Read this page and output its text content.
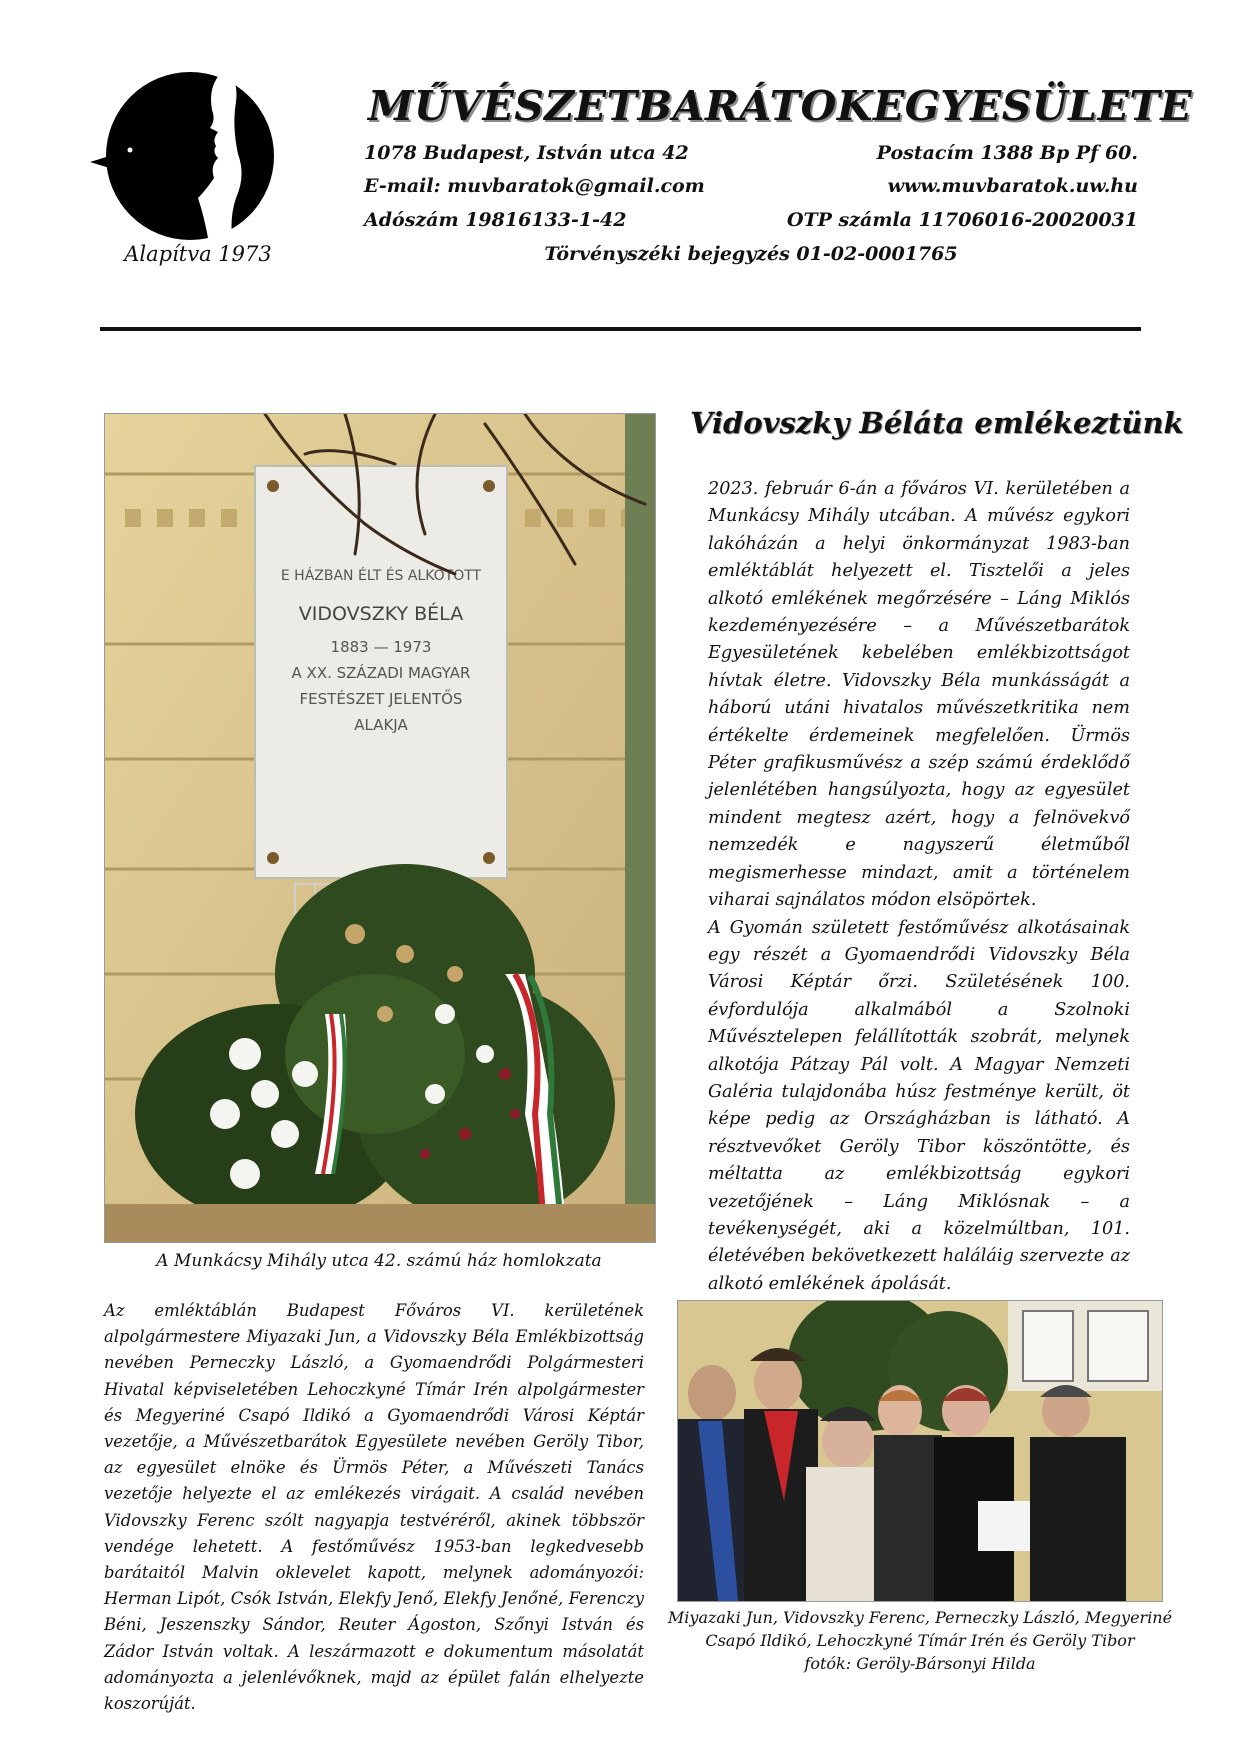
Alapítva 1973
MŰVÉSZETBARÁTOK EGYESÜLETE
1078 Budapest, István utca 42	Postacím 1388 Bp Pf 60.
E-mail: muvbaratok@gmail.com	www.muvbaratok.uw.hu
Adószám 19816133-1-42	OTP számla 11706016-20020031
Törvényszéki bejegyzés 01-02-0001765
E HÁZBAN ÉLT ÉS ALKOTOTT
VIDOVSZKY BÉLA
1883 — 1973
A XX. SZÁZADI MAGYAR
FESTÉSZET JELENTŐS
ALAKJA
A Munkácsy Mihály utca 42. számú ház homlokzata
Vidovszky Béláta emlékeztünk

2023. február 6-án a főváros VI. kerületében a Munkácsy Mihály utcában. A művész egykori lakóházán a helyi önkormányzat 1983-ban emléktáblát helyezett el. Tisztelői a jeles alkotó emlékének megőrzésére – Láng Miklós kezdeményezésére – a Művészetbarátok Egyesületének kebelében emlékbizottságot hívtak életre. Vidovszky Béla munkásságát a háború utáni hivatalos művészetkritika nem értékelte érdemeinek megfelelően. Ürmös Péter grafikusművész a szép számú érdeklődő jelenlétében hangsúlyozta, hogy az egyesület mindent megtesz azért, hogy a felnövekvő nemzedék e nagyszerű életműből megismerhesse mindazt, amit a történelem viharai sajnálatos módon elsöpörtek.

A Gyomán született festőművész alkotásainak egy részét a Gyomaendrődi Vidovszky Béla Városi Képtár őrzi. Születésének 100. évfordulója alkalmából a Szolnoki Művésztelepen felállították szobrát, melynek alkotója Pátzay Pál volt. A Magyar Nemzeti Galéria tulajdonába húsz festménye került, öt képe pedig az Országházban is látható. A résztvevőket Geröly Tibor köszöntötte, és méltatta az emlékbizottság egykori vezetőjének – Láng Miklósnak – a tevékenységét, aki a közelmúltban, 101. életévében bekövetkezett haláláig szervezte az alkotó emlékének ápolását.

Az emléktáblán Budapest Főváros VI. kerületének alpolgármestere Miyazaki Jun, a Vidovszky Béla Emlékbizottság nevében Perneczky László, a Gyomaendrődi Polgármesteri Hivatal képviseletében Lehoczkyné Tímár Irén alpolgármester és Megyeriné Csapó Ildikó a Gyomaendrődi Városi Képtár vezetője, a Művészetbarátok Egyesülete nevében Geröly Tibor, az egyesület elnöke és Ürmös Péter, a Művészeti Tanács vezetője helyezte el az emlékezés virágait. A család nevében Vidovszky Ferenc szólt nagyapja testvéréről, akinek többször vendége lehetett. A festőművész 1953-ban legkedvesebb barátaitól Malvin oklevelet kapott, melynek adományozói: Herman Lipót, Csók István, Elekfy Jenő, Elekfy Jenőné, Ferenczy Béni, Jeszenszky Sándor, Reuter Ágoston, Szőnyi István és Zádor István voltak. A leszármazott e dokumentum másolatát adományozta a jelenlévőknek, majd az épület falán elhelyezte koszorúját.

Miyazaki Jun, Vidovszky Ferenc, Perneczky László, Megyeriné
Csapó Ildikó, Lehoczkyné Tímár Irén és Geröly Tibor
fotók: Geröly-Bársonyi Hilda
